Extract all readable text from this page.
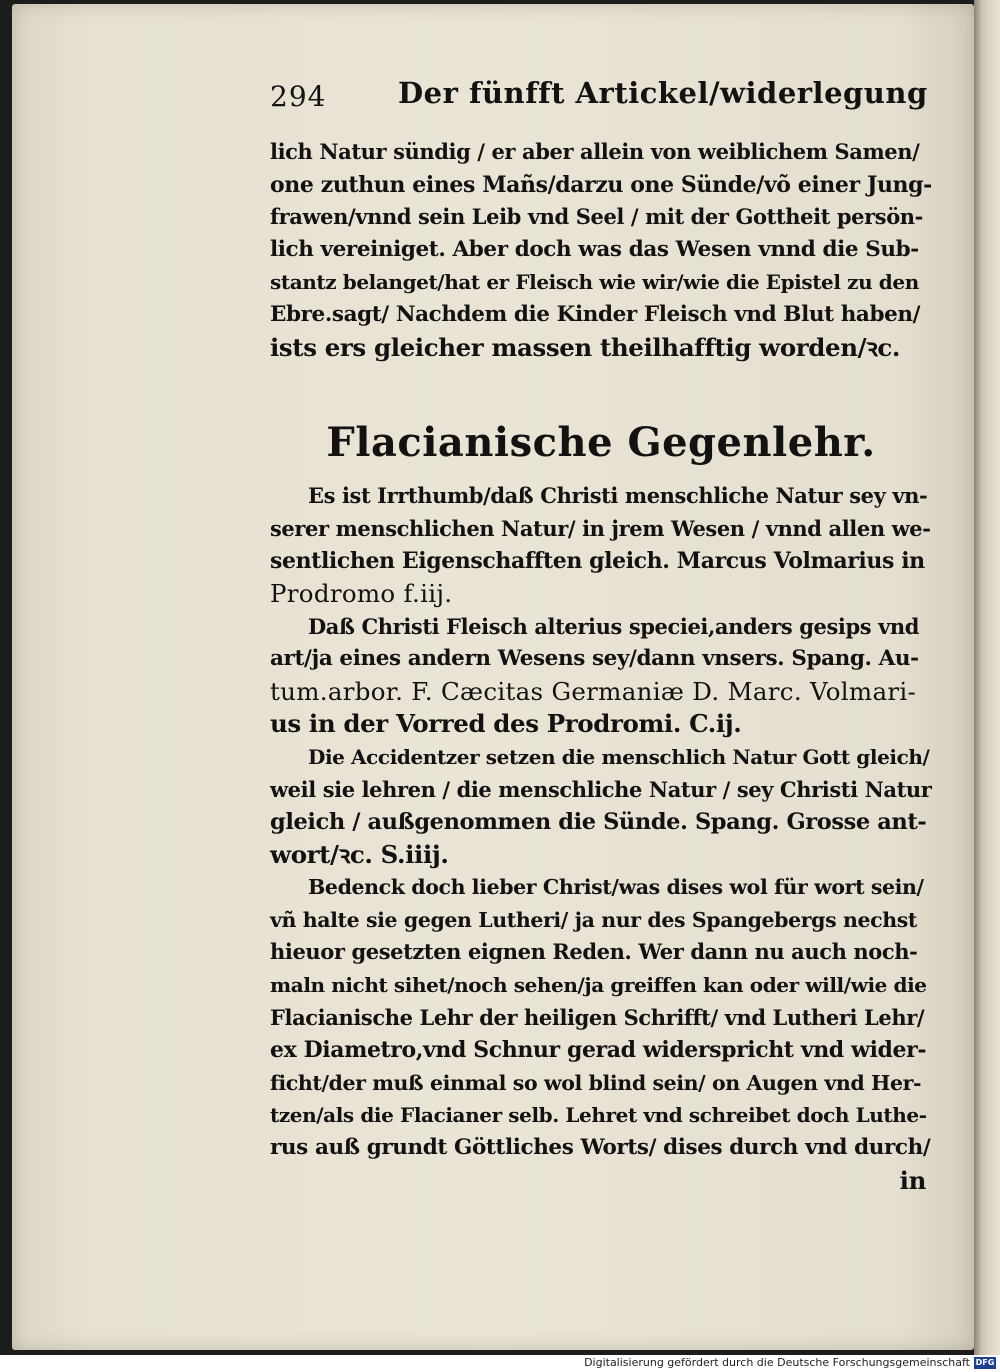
294 Der fünfft Artickel/widerlegung
lich Natur sündig / er aber allein von weiblichem Samen/
one zuthun eines Mañs/darzu one Sünde/võ einer Jung-
frawen/vnnd sein Leib vnd Seel / mit der Gottheit persön-
lich vereiniget. Aber doch was das Wesen vnnd die Sub-
stantz belanget/hat er Fleisch wie wir/wie die Epistel zu den
Ebre.sagt/ Nachdem die Kinder Fleisch vnd Blut haben/
ists ers gleicher massen theilhafftig worden/ꝛc.
Flacianische Gegenlehr.
Es ist Irrthumb/daß Christi menschliche Natur sey vn-
serer menschlichen Natur/ in jrem Wesen / vnnd allen we-
sentlichen Eigenschafften gleich. Marcus Volmarius in
Prodromo f.iij.
Daß Christi Fleisch alterius speciei,anders gesips vnd
art/ja eines andern Wesens sey/dann vnsers. Spang. Au-
tum.arbor. F. Cæcitas Germaniæ D. Marc. Volmari-
us in der Vorred des Prodromi. C.ij.
Die Accidentzer setzen die menschlich Natur Gott gleich/
weil sie lehren / die menschliche Natur / sey Christi Natur
gleich / außgenommen die Sünde. Spang. Grosse ant-
wort/ꝛc. S.iiij.
Bedenck doch lieber Christ/was dises wol für wort sein/
vñ halte sie gegen Lutheri/ ja nur des Spangebergs nechst
hieuor gesetzten eignen Reden. Wer dann nu auch noch-
maln nicht sihet/noch sehen/ja greiffen kan oder will/wie die
Flacianische Lehr der heiligen Schrifft/ vnd Lutheri Lehr/
ex Diametro,vnd Schnur gerad widerspricht vnd wider-
ficht/der muß einmal so wol blind sein/ on Augen vnd Her-
tzen/als die Flacianer selb. Lehret vnd schreibet doch Luthe-
rus auß grundt Göttliches Worts/ dises durch vnd durch/
in
Digitalisierung gefördert durch die Deutsche Forschungsgemeinschaft DFG
